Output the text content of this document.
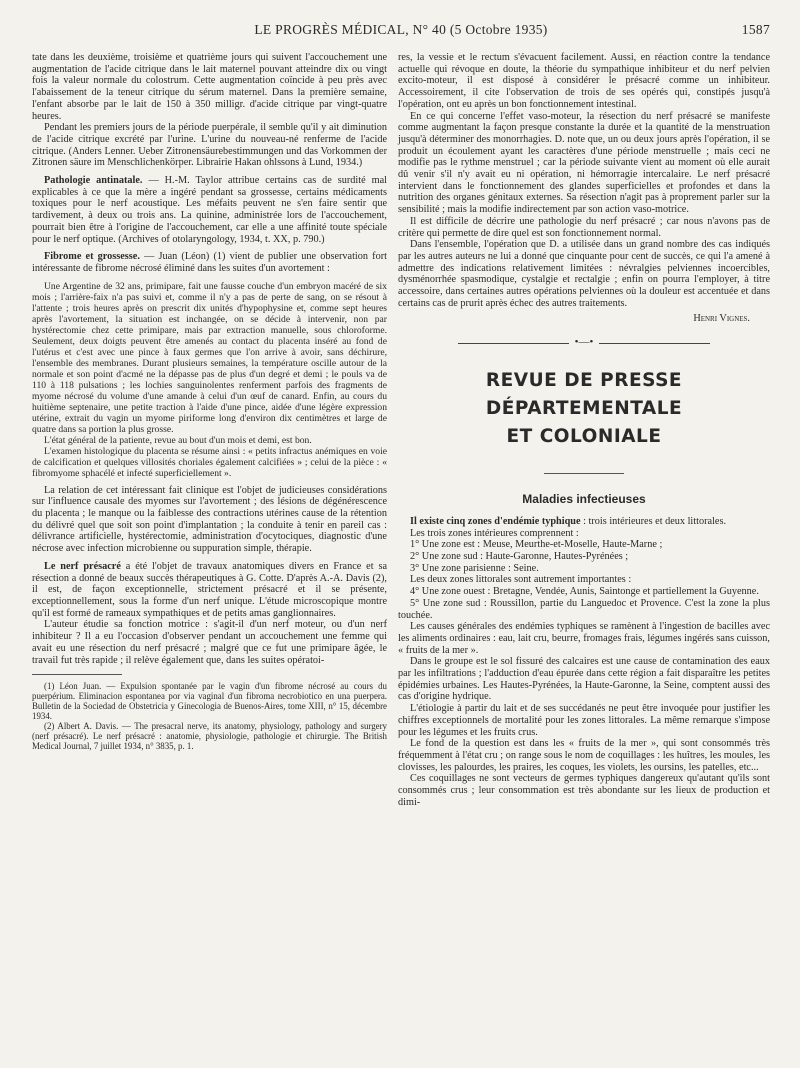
LE PROGRÈS MÉDICAL, N° 40 (5 Octobre 1935)	1587

tate dans les deuxième, troisième et quatrième jours qui suivent l'accouchement une augmentation de l'acide citrique dans le lait maternel pouvant atteindre dix ou vingt fois la valeur normale du colostrum. Cette augmentation coïncide à peu près avec l'abaissement de la teneur citrique du sérum maternel. Dans la première semaine, l'enfant absorbe par le lait de 150 à 350 milligr. d'acide citrique par vingt-quatre heures.

Pendant les premiers jours de la période puerpérale, il semble qu'il y ait diminution de l'acide citrique excrété par l'urine. L'urine du nouveau-né renferme de l'acide citrique. (Anders Lenner. Ueber Zitronensäurebestimmungen und das Vorkommen der Zitronen säure im Menschlichenkörper. Librairie Hakan ohlssons à Lund, 1934.)

Pathologie antinatale. — H.-M. Taylor attribue certains cas de surdité mal explicables à ce que la mère a ingéré pendant sa grossesse, certains médicaments toxiques pour le nerf acoustique. Les méfaits peuvent ne s'en faire sentir que tardivement, à deux ou trois ans. La quinine, administrée lors de l'accouchement, pourrait bien être à l'origine de l'accouchement, car elle a une affinité toute spéciale pour le nerf optique. (Archives of otolaryngology, 1934, t. XX, p. 790.)

Fibrome et grossesse. — Juan (Léon) (1) vient de publier une observation fort intéressante de fibrome nécrosé éliminé dans les suites d'un avortement :

Une Argentine de 32 ans, primipare, fait une fausse couche d'un embryon macéré de six mois ; l'arrière-faix n'a pas suivi et, comme il n'y a pas de perte de sang, on se résout à l'attente ; trois heures après on prescrit dix unités d'hypophysine et, comme sept heures après l'avortement, la situation est inchangée, on se décide à intervenir, non par hystérectomie chez cette primipare, mais par extraction manuelle, sous chloroforme. Seulement, deux doigts peuvent être amenés au contact du placenta inséré au fond de l'utérus et c'est avec une pince à faux germes que l'on arrive à avoir, sans déchirure, l'ensemble des membranes. Durant plusieurs semaines, la température oscille autour de la normale et son point d'acmé ne la dépasse pas de plus d'un degré et demi ; le pouls va de 110 à 118 pulsations ; les lochies sanguinolentes renferment parfois des fragments de myome nécrosé du volume d'une amande à celui d'un œuf de canard. Enfin, au cours du huitième septenaire, une petite traction à l'aide d'une pince, aidée d'une légère expression utérine, extrait du vagin un myome piriforme long d'environ dix centimètres et large de quatre dans sa portion la plus grosse.

L'état général de la patiente, revue au bout d'un mois et demi, est bon.

L'examen histologique du placenta se résume ainsi : « petits infractus anémiques en voie de calcification et quelques villosités choriales également calcifiées » ; celui de la pièce : « fibromyome sphacélé et infecté superficiellement ».

La relation de cet intéressant fait clinique est l'objet de judicieuses considérations sur l'influence causale des myomes sur l'avortement ; des lésions de dégénérescence du placenta ; le manque ou la faiblesse des contractions utérines cause de la rétention du délivré quel que soit son point d'implantation ; la conduite à tenir en pareil cas : délivrance artificielle, hystérectomie, administration d'ocytociques, diagnostic d'une nécrose avec infection microbienne ou suppuration simple, thérapie.

Le nerf présacré a été l'objet de travaux anatomiques divers en France et sa résection a donné de beaux succès thérapeutiques à G. Cotte. D'après A.-A. Davis (2), il est, de façon exceptionnelle, strictement présacré et il se présente, exceptionnellement, sous la forme d'un nerf unique. L'étude microscopique montre qu'il est formé de rameaux sympathiques et de petits amas ganglionnaires.

L'auteur étudie sa fonction motrice : s'agit-il d'un nerf moteur, ou d'un nerf inhibiteur ? Il a eu l'occasion d'observer pendant un accouchement une femme qui avait eu une résection du nerf présacré ; malgré que ce fut une primipare âgée, le travail fut très rapide ; il relève également que, dans les suites opératoi-

(1) Léon Juan. — Expulsion spontanée par le vagin d'un fibrome nécrosé au cours du puerpérium. Eliminacion espontanea por via vaginal d'un fibroma necrobiotico en una puerpera. Bulletin de la Sociedad de Obstetricia y Ginecologia de Buenos-Aires, tome XIII, n° 15, décembre 1934.

(2) Albert A. Davis. — The presacral nerve, its anatomy, physiology, pathology and surgery (nerf présacré). Le nerf présacré : anatomie, physiologie, pathologie et chirurgie. The British Medical Journal, 7 juillet 1934, n° 3835, p. 1.

res, la vessie et le rectum s'évacuent facilement. Aussi, en réaction contre la tendance actuelle qui révoque en doute, la théorie du sympathique inhibiteur et du nerf pelvien excito-moteur, il est disposé à considérer le présacré comme un inhibiteur. Accessoirement, il cite l'observation de trois de ses opérés qui, constipés jusqu'à l'opération, ont eu après un bon fonctionnement intestinal.

En ce qui concerne l'effet vaso-moteur, la résection du nerf présacré se manifeste comme augmentant la façon presque constante la durée et la quantité de la menstruation jusqu'à déterminer des monorrhagies. D. note que, un ou deux jours après l'opération, il se produit un écoulement ayant les caractères d'une période menstruelle ; mais ceci ne modifie pas le rythme menstruel ; car la période suivante vient au moment où elle aurait dû venir s'il n'y avait eu ni opération, ni hémorragie intercalaire. Le nerf présacré intervient dans le fonctionnement des glandes superficielles et profondes et dans la nutrition des organes génitaux externes. Sa résection n'agit pas à proprement parler sur la sensibilité ; mais la modifie indirectement par son action vaso-motrice.

Il est difficile de décrire une pathologie du nerf présacré ; car nous n'avons pas de critère qui permette de dire quel est son fonctionnement normal.

Dans l'ensemble, l'opération que D. a utilisée dans un grand nombre des cas indiqués par les autres auteurs ne lui a donné que cinquante pour cent de succès, ce qui l'a amené à admettre des indications relativement limitées : névralgies pelviennes incoercibles, dysménorrhée spasmodique, cystalgie et rectalgie ; enfin on pourra l'employer, à titre accessoire, dans certaines autres opérations pelviennes où la douleur est accentuée et dans certains cas de prurit après échec des autres traitements.

Henri Vignes.

•—•
REVUE DE PRESSE DÉPARTEMENTALE
ET COLONIALE
Maladies infectieuses

Il existe cinq zones d'endémie typhique : trois intérieures et deux littorales.

Les trois zones intérieures comprennent :

1° Une zone est : Meuse, Meurthe-et-Moselle, Haute-Marne ;

2° Une zone sud : Haute-Garonne, Hautes-Pyrénées ;

3° Une zone parisienne : Seine.

Les deux zones littorales sont autrement importantes :

4° Une zone ouest : Bretagne, Vendée, Aunis, Saintonge et partiellement la Guyenne.

5° Une zone sud : Roussillon, partie du Languedoc et Provence. C'est la zone la plus touchée.

Les causes générales des endémies typhiques se ramènent à l'ingestion de bacilles avec les aliments ordinaires : eau, lait cru, beurre, fromages frais, légumes ingérés sans cuisson, « fruits de la mer ».

Dans le groupe est le sol fissuré des calcaires est une cause de contamination des eaux par les infiltrations ; l'adduction d'eau épurée dans cette région a fait disparaître les petites épidémies urbaines. Les Hautes-Pyrénées, la Haute-Garonne, la Seine, comptent aussi des cas d'origine hydrique.

L'étiologie à partir du lait et de ses succédanés ne peut être invoquée pour justifier les chiffres exceptionnels de mortalité pour les zones littorales. La même remarque s'impose pour les légumes et les fruits crus.

Le fond de la question est dans les « fruits de la mer », qui sont consommés très fréquemment à l'état cru ; on range sous le nom de coquillages : les huîtres, les moules, les clovisses, les palourdes, les praires, les coques, les violets, les oursins, les patelles, etc...

Ces coquillages ne sont vecteurs de germes typhiques dangereux qu'autant qu'ils sont consommés crus ; leur consommation est très abondante sur les lieux de production et dimi-
